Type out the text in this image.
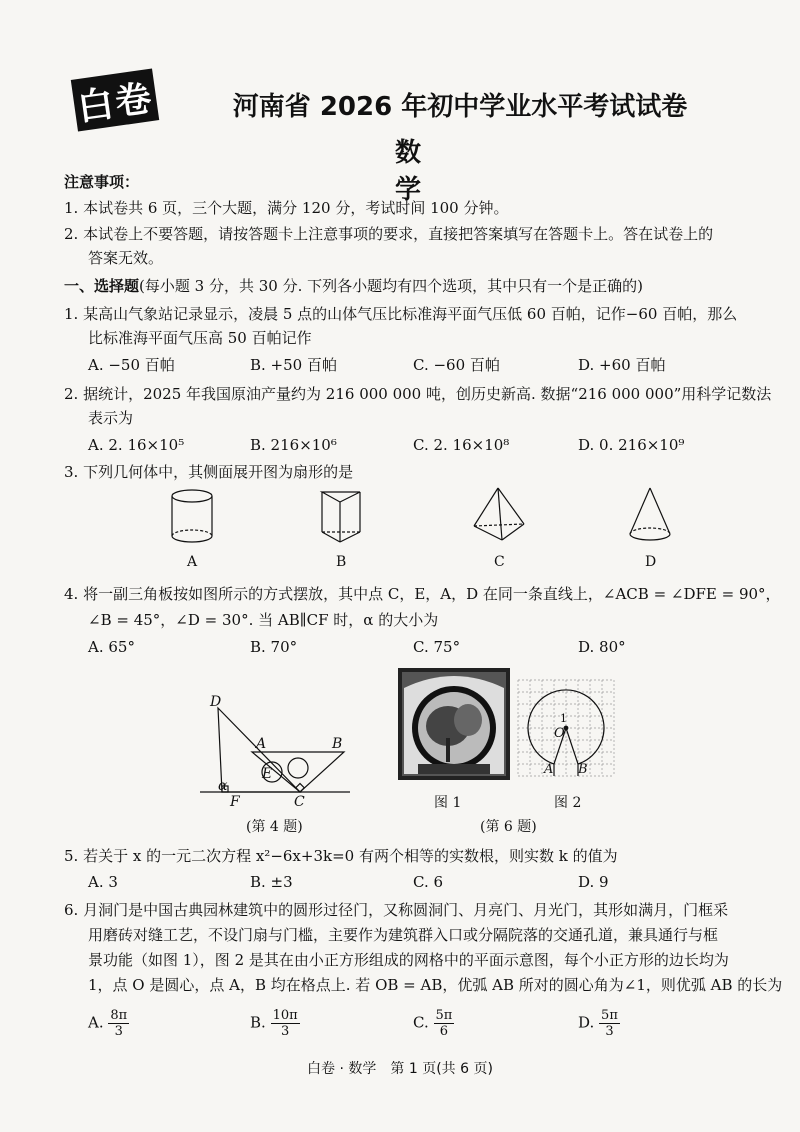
白卷	河南省 2026 年初中学业水平考试试卷
数　学
注意事项：
1. 本试卷共 6 页，三个大题，满分 120 分，考试时间 100 分钟。
2. 本试卷上不要答题，请按答题卡上注意事项的要求，直接把答案填写在答题卡上。答在试卷上的
答案无效。
一、选择题(每小题 3 分，共 30 分. 下列各小题均有四个选项，其中只有一个是正确的)
1. 某高山气象站记录显示，凌晨 5 点的山体气压比标准海平面气压低 60 百帕，记作−60 百帕，那么
比标准海平面气压高 50 百帕记作
A. −50 百帕	B. +50 百帕	C. −60 百帕	D. +60 百帕
2. 据统计，2025 年我国原油产量约为 216 000 000 吨，创历史新高. 数据“216 000 000”用科学记数法
表示为
A. 2. 16×10⁵	B. 216×10⁶	C. 2. 16×10⁸	D. 0. 216×10⁹
3. 下列几何体中，其侧面展开图为扇形的是
A	B	C	D
4. 将一副三角板按如图所示的方式摆放，其中点 C，E，A，D 在同一条直线上，∠ACB = ∠DFE = 90°，
∠B = 45°，∠D = 30°. 当 AB∥CF 时，α 的大小为
A. 65°	B. 70°	C. 75°	D. 80°
D
A	B
E
α
F	C
(第 4 题)
图 1
1
O
A B
图 2
(第 6 题)
5. 若关于 x 的一元二次方程 x²−6x+3k=0 有两个相等的实数根，则实数 k 的值为
A. 3	B. ±3	C. 6	D. 9
6. 月洞门是中国古典园林建筑中的圆形过径门，又称圆洞门、月亮门、月光门，其形如满月，门框采
用磨砖对缝工艺，不设门扇与门槛，主要作为建筑群入口或分隔院落的交通孔道，兼具通行与框
景功能（如图 1），图 2 是其在由小正方形组成的网格中的平面示意图，每个小正方形的边长均为
1，点 O 是圆心，点 A，B 均在格点上. 若 OB = AB，优弧 AB 所对的圆心角为∠1，则优弧 AB 的长为
A. $\frac{8\pi}{3}$	B. $\frac{10\pi}{3}$	C. $\frac{5\pi}{6}$	D. $\frac{5\pi}{3}$
白卷 · 数学　第 1 页(共 6 页)
